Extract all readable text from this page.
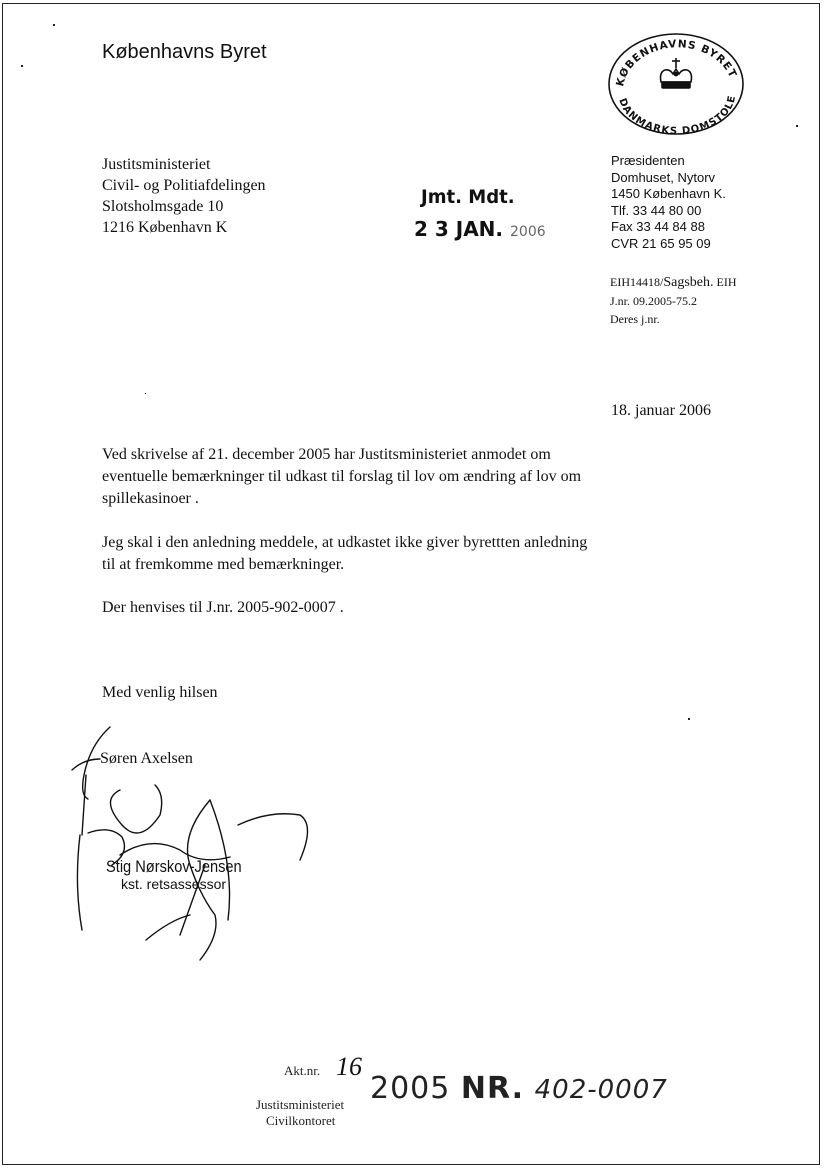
Københavns Byret
KØBENHAVNS BYRET
DANMARKS DOMSTOLE
Justitsministeriet
Civil- og Politiafdelingen
Slotsholmsgade 10
1216 København K
Jmt. Mdt.
2 3 JAN. 2006
Præsidenten
Domhuset, Nytorv
1450 København K.
Tlf. 33 44 80 00
Fax 33 44 84 88
CVR 21 65 95 09
EIH14418/Sagsbeh. EIH
J.nr. 09.2005-75.2
Deres j.nr.
18. januar 2006
Ved skrivelse af 21. december 2005 har Justitsministeriet anmodet om
eventuelle bemærkninger til udkast til forslag til lov om ændring af lov om
spillekasinoer .
Jeg skal i den anledning meddele, at udkastet ikke giver byrettten anledning
til at fremkomme med bemærkninger.
Der henvises til J.nr. 2005-902-0007 .
Med venlig hilsen
Søren Axelsen
Stig Nørskov-Jensen
kst. retsassessor
Akt.nr. 16
2005 NR. 402-0007
Justitsministeriet
Civilkontoret
